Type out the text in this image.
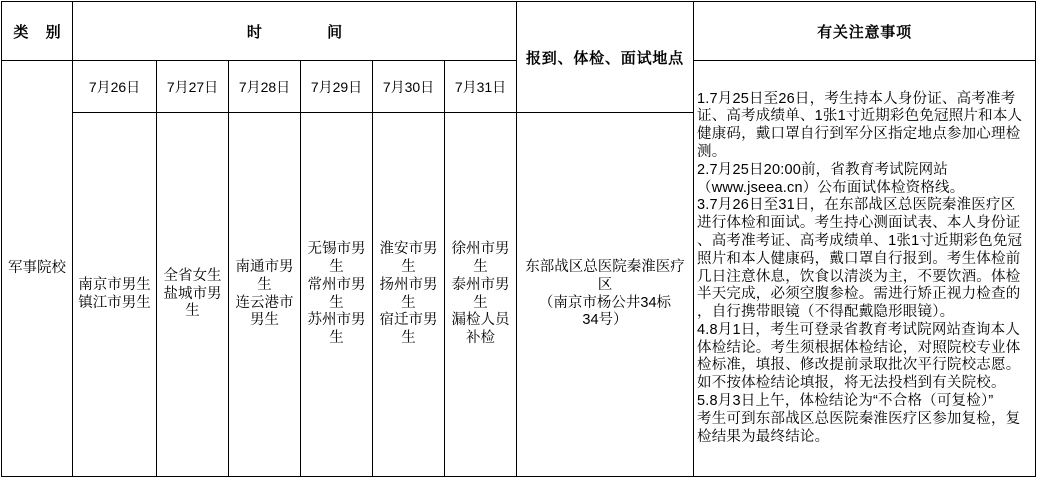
类 别	时 间
报到、体检、面试地点
有关注意事项
军事院校
7月26日 7月27日 7月28日 7月29日 7月30日 7月31日
南京市男生
镇江市男生
全省女生
盐城市男
生
南通市男
生
连云港市
男生
无锡市男
生
常州市男
生
苏州市男
生
淮安市男
生
扬州市男
生
宿迁市男
生
徐州市男
生
泰州市男
生
漏检人员
补检
东部战区总医院秦淮医疗
区
（南京市杨公井34标
34号）
1.7月25日至26日，考生持本人身份证、高考准考
证、高考成绩单、1张1寸近期彩色免冠照片和本人
健康码，戴口罩自行到军分区指定地点参加心理检
测。
2.7月25日20:00前，省教育考试院网站
（www.jseea.cn）公布面试体检资格线。
3.7月26日至31日，在东部战区总医院秦淮医疗区
进行体检和面试。考生持心测面试表、本人身份证
、高考准考证、高考成绩单、1张1寸近期彩色免冠
照片和本人健康码，戴口罩自行报到。考生体检前
几日注意休息，饮食以清淡为主，不要饮酒。体检
半天完成，必须空腹参检。需进行矫正视力检查的
，自行携带眼镜（不得配戴隐形眼镜）。
4.8月1日，考生可登录省教育考试院网站查询本人
体检结论。考生须根据体检结论，对照院校专业体
检标准，填报、修改提前录取批次平行院校志愿。
如不按体检结论填报，将无法投档到有关院校。
5.8月3日上午，体检结论为“不合格（可复检）”
考生可到东部战区总医院秦淮医疗区参加复检，复
检结果为最终结论。
